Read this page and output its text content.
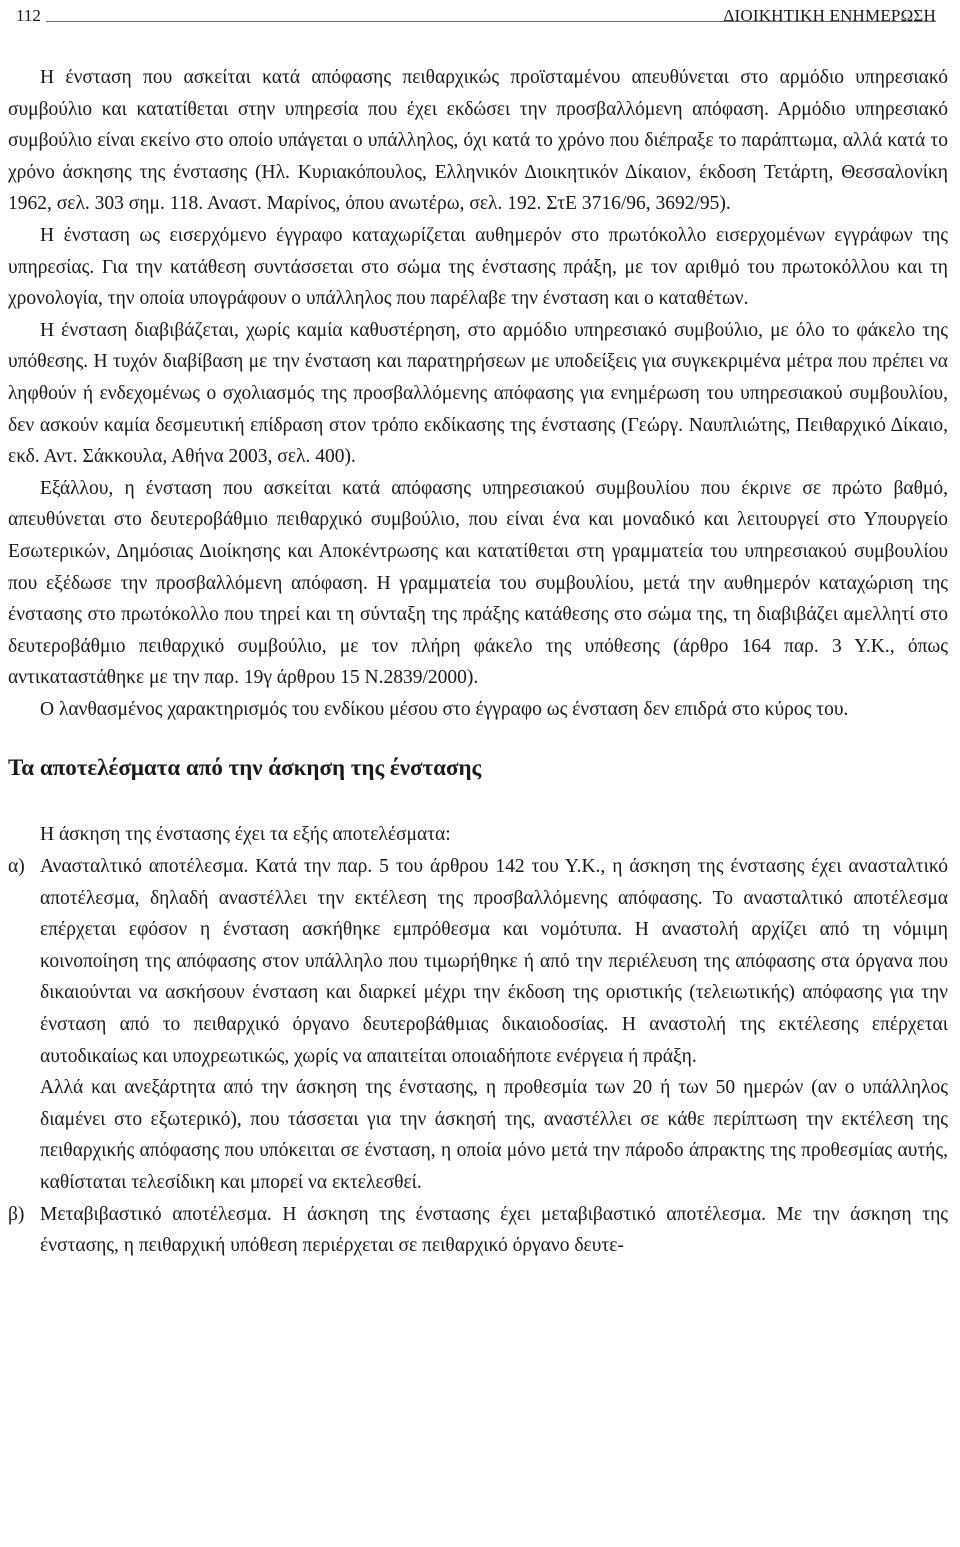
112	ΔΙΟΙΚΗΤΙΚΗ ΕΝΗΜΕΡΩΣΗ

Η ένσταση που ασκείται κατά απόφασης πειθαρχικώς προϊσταμένου απευθύνεται στο αρμόδιο υπηρεσιακό συμβούλιο και κατατίθεται στην υπηρεσία που έχει εκδώσει την προσβαλλόμενη απόφαση. Αρμόδιο υπηρεσιακό συμβούλιο είναι εκείνο στο οποίο υπάγεται ο υπάλληλος, όχι κατά το χρόνο που διέπραξε το παράπτωμα, αλλά κατά το χρόνο άσκησης της ένστασης (Ηλ. Κυριακόπουλος, Ελληνικόν Διοικητικόν Δίκαιον, έκδοση Τετάρτη, Θεσσαλονίκη 1962, σελ. 303 σημ. 118. Αναστ. Μαρίνος, όπου ανωτέρω, σελ. 192. ΣτΕ 3716/96, 3692/95).

Η ένσταση ως εισερχόμενο έγγραφο καταχωρίζεται αυθημερόν στο πρωτόκολλο εισερχομένων εγγράφων της υπηρεσίας. Για την κατάθεση συντάσσεται στο σώμα της ένστασης πράξη, με τον αριθμό του πρωτοκόλλου και τη χρονολογία, την οποία υπογράφουν ο υπάλληλος που παρέλαβε την ένσταση και ο καταθέτων.

Η ένσταση διαβιβάζεται, χωρίς καμία καθυστέρηση, στο αρμόδιο υπηρεσιακό συμβούλιο, με όλο το φάκελο της υπόθεσης. Η τυχόν διαβίβαση με την ένσταση και παρατηρήσεων με υποδείξεις για συγκεκριμένα μέτρα που πρέπει να ληφθούν ή ενδεχομένως ο σχολιασμός της προσβαλλόμενης απόφασης για ενημέρωση του υπηρεσιακού συμβουλίου, δεν ασκούν καμία δεσμευτική επίδραση στον τρόπο εκδίκασης της ένστασης (Γεώργ. Ναυπλιώτης, Πειθαρχικό Δίκαιο, εκδ. Αντ. Σάκκουλα, Αθήνα 2003, σελ. 400).

Εξάλλου, η ένσταση που ασκείται κατά απόφασης υπηρεσιακού συμβουλίου που έκρινε σε πρώτο βαθμό, απευθύνεται στο δευτεροβάθμιο πειθαρχικό συμβούλιο, που είναι ένα και μοναδικό και λειτουργεί στο Υπουργείο Εσωτερικών, Δημόσιας Διοίκησης και Αποκέντρωσης και κατατίθεται στη γραμματεία του υπηρεσιακού συμβουλίου που εξέδωσε την προσβαλλόμενη απόφαση. Η γραμματεία του συμβουλίου, μετά την αυθημερόν καταχώριση της ένστασης στο πρωτόκολλο που τηρεί και τη σύνταξη της πράξης κατάθεσης στο σώμα της, τη διαβιβάζει αμελλητί στο δευτεροβάθμιο πειθαρχικό συμβούλιο, με τον πλήρη φάκελο της υπόθεσης (άρθρο 164 παρ. 3 Υ.Κ., όπως αντικαταστάθηκε με την παρ. 19γ άρθρου 15 Ν.2839/2000).

Ο λανθασμένος χαρακτηρισμός του ενδίκου μέσου στο έγγραφο ως ένσταση δεν επιδρά στο κύρος του.

Τα αποτελέσματα από την άσκηση της ένστασης

Η άσκηση της ένστασης έχει τα εξής αποτελέσματα:

α) Ανασταλτικό αποτέλεσμα. Κατά την παρ. 5 του άρθρου 142 του Υ.Κ., η άσκηση της ένστασης έχει ανασταλτικό αποτέλεσμα, δηλαδή αναστέλλει την εκτέλεση της προσβαλλόμενης απόφασης. Το ανασταλτικό αποτέλεσμα επέρχεται εφόσον η ένσταση ασκήθηκε εμπρόθεσμα και νομότυπα. Η αναστολή αρχίζει από τη νόμιμη κοινοποίηση της απόφασης στον υπάλληλο που τιμωρήθηκε ή από την περιέλευση της απόφασης στα όργανα που δικαιούνται να ασκήσουν ένσταση και διαρκεί μέχρι την έκδοση της οριστικής (τελειωτικής) απόφασης για την ένσταση από το πειθαρχικό όργανο δευτεροβάθμιας δικαιοδοσίας. Η αναστολή της εκτέλεσης επέρχεται αυτοδικαίως και υποχρεωτικώς, χωρίς να απαιτείται οποιαδήποτε ενέργεια ή πράξη.

Αλλά και ανεξάρτητα από την άσκηση της ένστασης, η προθεσμία των 20 ή των 50 ημερών (αν ο υπάλληλος διαμένει στο εξωτερικό), που τάσσεται για την άσκησή της, αναστέλλει σε κάθε περίπτωση την εκτέλεση της πειθαρχικής απόφασης που υπόκειται σε ένσταση, η οποία μόνο μετά την πάροδο άπρακτης της προθεσμίας αυτής, καθίσταται τελεσίδικη και μπορεί να εκτελεσθεί.

β) Μεταβιβαστικό αποτέλεσμα. Η άσκηση της ένστασης έχει μεταβιβαστικό αποτέλεσμα. Με την άσκηση της ένστασης, η πειθαρχική υπόθεση περιέρχεται σε πειθαρχικό όργανο δευτε-
